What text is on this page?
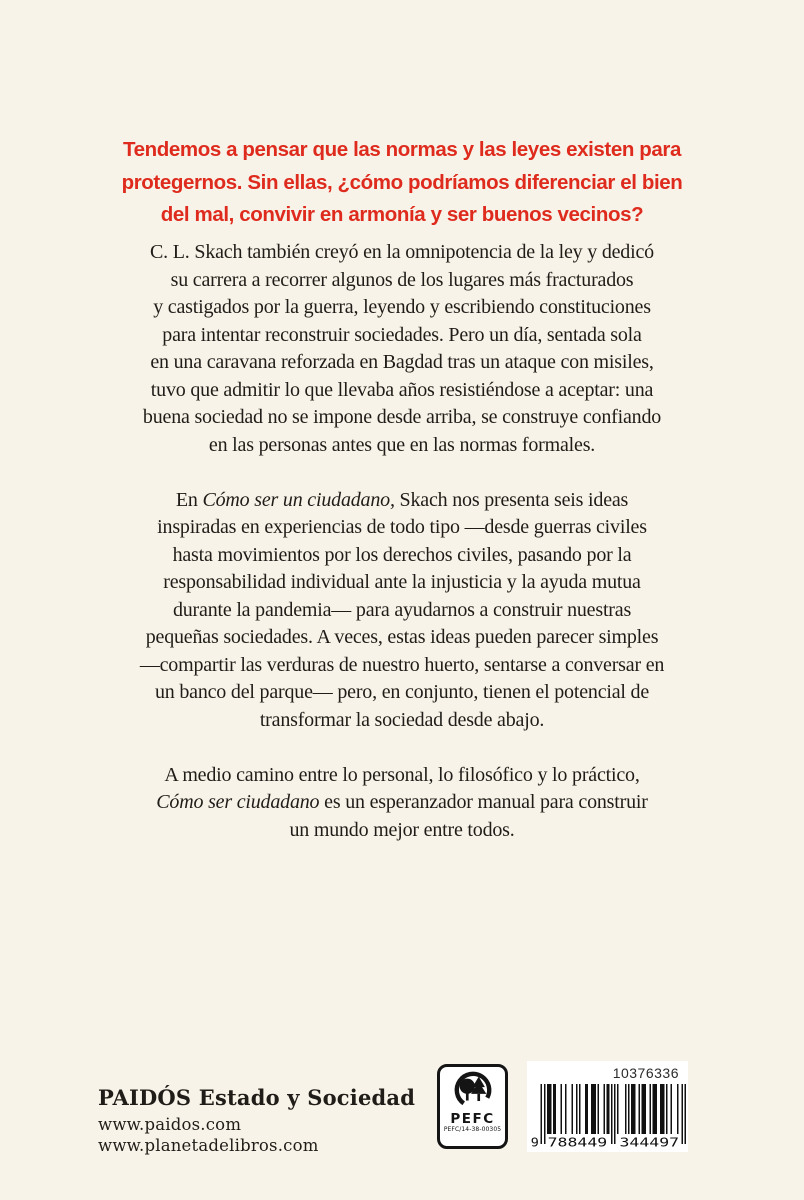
Tendemos a pensar que las normas y las leyes existen para
protegernos. Sin ellas, ¿cómo podríamos diferenciar el bien
del mal, convivir en armonía y ser buenos vecinos?
C. L. Skach también creyó en la omnipotencia de la ley y dedicó
su carrera a recorrer algunos de los lugares más fracturados
y castigados por la guerra, leyendo y escribiendo constituciones
para intentar reconstruir sociedades. Pero un día, sentada sola
en una caravana reforzada en Bagdad tras un ataque con misiles,
tuvo que admitir lo que llevaba años resistiéndose a aceptar: una
buena sociedad no se impone desde arriba, se construye confiando
en las personas antes que en las normas formales.
En Cómo ser un ciudadano, Skach nos presenta seis ideas
inspiradas en experiencias de todo tipo —desde guerras civiles
hasta movimientos por los derechos civiles, pasando por la
responsabilidad individual ante la injusticia y la ayuda mutua
durante la pandemia— para ayudarnos a construir nuestras
pequeñas sociedades. A veces, estas ideas pueden parecer simples
—compartir las verduras de nuestro huerto, sentarse a conversar en
un banco del parque— pero, en conjunto, tienen el potencial de
transformar la sociedad desde abajo.
A medio camino entre lo personal, lo filosófico y lo práctico,
Cómo ser ciudadano es un esperanzador manual para construir
un mundo mejor entre todos.
PAIDÓS Estado y Sociedad
www.paidos.com
www.planetadelibros.com
PEFC
PEFC/14-38-00305
10376336
9 788449 344497
